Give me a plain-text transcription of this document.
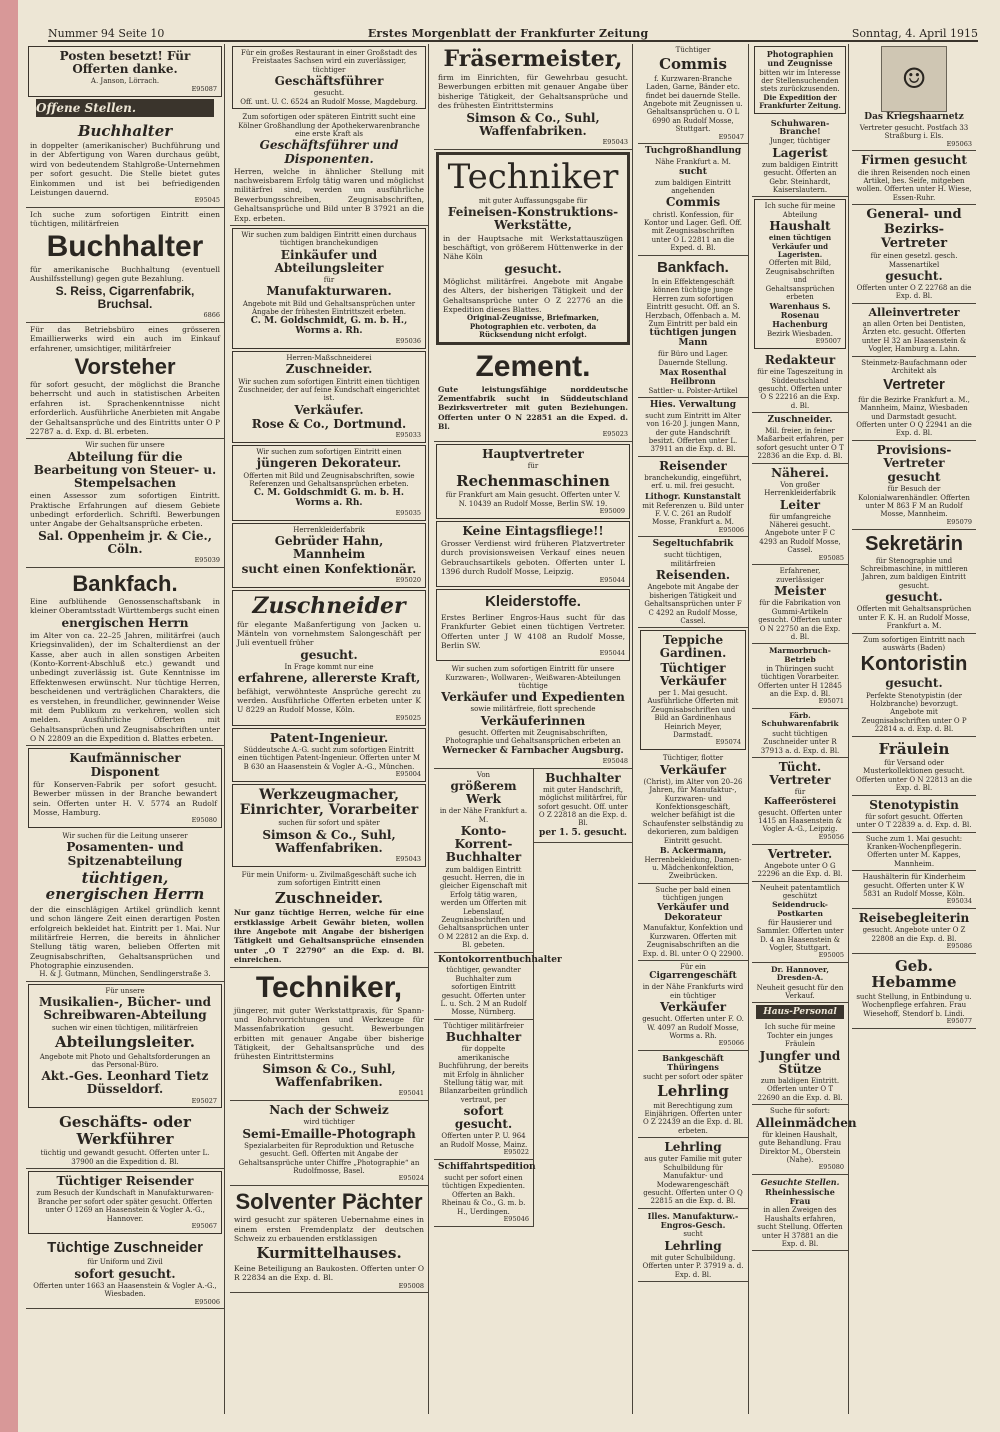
Nummer 94 Seite 10	Erstes Morgenblatt der Frankfurter Zeitung	Sonntag, 4. April 1915
Posten besetzt! Für Offerten danke.
A. Janson, Lörrach.
E95087
Offene Stellen.
Buchhalter
in doppelter (amerikanischer) Buchführung und in der Abfertigung von Waren durchaus geübt, wird von bedeutendem Stahlgroße-Unternehmen per sofort gesucht. Die Stelle bietet gutes Einkommen und ist bei befriedigenden Leistungen dauernd.
E95045
Ich suche zum sofortigen Eintritt einen tüchtigen, militärfreien
Buchhalter
für amerikanische Buchhaltung (eventuell Aushilfsstellung) gegen gute Bezahlung.
S. Reiss, Cigarrenfabrik, Bruchsal.
6866
Für das Betriebsbüro eines grösseren Emaillierwerks wird ein auch im Einkauf erfahrener, umsichtiger, militärfreier
Vorsteher
für sofort gesucht, der möglichst die Branche beherrscht und auch in statistischen Arbeiten erfahren ist. Sprachenkenntnisse nicht erforderlich. Ausführliche Anerbieten mit Angabe der Gehaltsansprüche und des Eintritts unter O P 22787 a. d. Exp. d. Bl. erbeten.
Wir suchen für unsere
Abteilung für die Bearbeitung von Steuer- u. Stempelsachen
einen Assessor zum sofortigen Eintritt. Praktische Erfahrungen auf diesem Gebiete unbedingt erforderlich. Schriftl. Bewerbungen unter Angabe der Gehaltsansprüche erbeten.
Sal. Oppenheim jr. & Cie., Cöln.
E95039
Bankfach.
Eine aufblühende Genossenschaftsbank in kleiner Oberamtsstadt Württembergs sucht einen
energischen Herrn
im Alter von ca. 22–25 Jahren, militärfrei (auch Kriegsinvaliden), der im Schalterdienst an der Kasse, aber auch in allen sonstigen Arbeiten (Konto-Korrent-Abschluß etc.) gewandt und unbedingt zuverlässig ist. Gute Kenntnisse im Effektenwesen erwünscht. Nur tüchtige Herren, bescheidenen und verträglichen Charakters, die es verstehen, in freundlicher, gewinnender Weise mit dem Publikum zu verkehren, wollen sich melden. Ausführliche Offerten mit Gehaltsansprüchen und Zeugnisabschriften unter O N 22809 an die Expedition d. Blattes erbeten.
Kaufmännischer Disponent
für Konserven-Fabrik per sofort gesucht. Bewerber müssen in der Branche bewandert sein. Offerten unter H. V. 5774 an Rudolf Mosse, Hamburg.
E95080
Wir suchen für die Leitung unserer
Posamenten- und Spitzenabteilung
tüchtigen, energischen Herrn
der die einschlägigen Artikel gründlich kennt und schon längere Zeit einen derartigen Posten erfolgreich bekleidet hat. Eintritt per 1. Mai. Nur militärfreie Herren, die bereits in ähnlicher Stellung tätig waren, belieben Offerten mit Zeugnisabschriften, Gehaltsansprüchen und Photographie einzusenden.
H. & J. Gutmann, München, Sendlingerstraße 3.
Für unsere
Musikalien-, Bücher- und Schreibwaren-Abteilung
suchen wir einen tüchtigen, militärfreien
Abteilungsleiter.
Angebote mit Photo und Gehaltsforderungen an das Personal-Büro.
Akt.-Ges. Leonhard Tietz Düsseldorf.
E95027
Geschäfts- oder Werkführer
tüchtig und gewandt gesucht. Offerten unter L. 37900 an die Expedition d. Bl.
Tüchtiger Reisender
zum Besuch der Kundschaft in Manufakturwaren-Branche per sofort oder später gesucht. Offerten unter O 1269 an Haasenstein & Vogler A.-G., Hannover.
E95067
Tüchtige Zuschneider
für Uniform und Zivil
sofort gesucht.
Offerten unter 1663 an Haasenstein & Vogler A.-G., Wiesbaden.
E95006
Für ein großes Restaurant in einer Großstadt des Freistaates Sachsen wird ein zuverlässiger, tüchtiger
Geschäftsführer
gesucht.
Off. unt. U. C. 6524 an Rudolf Mosse, Magdeburg.
Zum sofortigen oder späteren Eintritt sucht eine Kölner Großhandlung der Apothekerwarenbranche eine erste Kraft als
Geschäftsführer und Disponenten.
Herren, welche in ähnlicher Stellung mit nachweisbarem Erfolg tätig waren und möglichst militärfrei sind, werden um ausführliche Bewerbungsschreiben, Zeugnisabschriften, Gehaltsansprüche und Bild unter B 37921 an die Exp. erbeten.
Wir suchen zum baldigen Eintritt einen durchaus tüchtigen branchekundigen
Einkäufer und Abteilungsleiter
für
Manufakturwaren.
Angebote mit Bild und Gehaltsansprüchen unter Angabe der frühesten Eintrittszeit erbeten.
C. M. Goldschmidt, G. m. b. H., Worms a. Rh.
E95036
Herren-Maßschneiderei
Zuschneider.
Wir suchen zum sofortigen Eintritt einen tüchtigen Zuschneider, der auf feine Kundschaft eingerichtet ist.
Verkäufer.
Rose & Co., Dortmund.
E95033
Wir suchen zum sofortigen Eintritt einen
jüngeren Dekorateur.
Offerten mit Bild und Zeugnisabschriften, sowie Referenzen und Gehaltsansprüchen erbeten.
C. M. Goldschmidt G. m. b. H. Worms a. Rh.
E95035
Herrenkleiderfabrik
Gebrüder Hahn, Mannheim
sucht einen Konfektionär.
E95020
Zuschneider
für elegante Maßanfertigung von Jacken u. Mänteln von vornehmstem Salongeschäft per Juli eventuell früher
gesucht.
In Frage kommt nur eine
erfahrene, allererste Kraft,
befähigt, verwöhnteste Ansprüche gerecht zu werden. Ausführliche Offerten erbeten unter K U 8229 an Rudolf Mosse, Köln.
E95025
Patent-Ingenieur.
Süddeutsche A.-G. sucht zum sofortigen Eintritt einen tüchtigen Patent-Ingenieur. Offerten unter M B 630 an Haasenstein & Vogler A.-G., München.
E95004
Werkzeugmacher, Einrichter, Vorarbeiter
suchen für sofort und später
Simson & Co., Suhl, Waffenfabriken.
E95043
Für mein Uniform- u. Zivilmaßgeschäft suche ich zum sofortigen Eintritt einen
Zuschneider.
Nur ganz tüchtige Herren, welche für eine erstklassige Arbeit Gewähr bieten, wollen ihre Angebote mit Angabe der bisherigen Tätigkeit und Gehaltsansprüche einsenden unter „O T 22790“ an die Exp. d. Bl. einreichen.
Techniker,
jüngerer, mit guter Werkstattpraxis, für Spann- und Bohrvorrichtungen und Werkzeuge für Massenfabrikation gesucht. Bewerbungen erbitten mit genauer Angabe über bisherige Tätigkeit, der Gehaltsansprüche und des frühesten Eintrittstermins
Simson & Co., Suhl, Waffenfabriken.
E95041
Nach der Schweiz
wird tüchtiger
Semi-Emaille-Photograph
Spezialarbeiten für Reproduktion und Retusche gesucht. Gefl. Offerten mit Angabe der Gehaltsansprüche unter Chiffre „Photographie“ an Rudolfmosse, Basel.
E95024
Solventer Pächter
wird gesucht zur späteren Uebernahme eines in einem ersten Fremdenplatz der deutschen Schweiz zu erbauenden erstklassigen
Kurmittelhauses.
Keine Beteiligung an Baukosten. Offerten unter O R 22834 an die Exp. d. Bl.
E95008
Fräsermeister,
firm im Einrichten, für Gewehrbau gesucht. Bewerbungen erbitten mit genauer Angabe über bisherige Tätigkeit, der Gehaltsansprüche und des frühesten Eintrittstermins
Simson & Co., Suhl, Waffenfabriken.
E95043
Techniker
mit guter Auffassungsgabe für
Feineisen-Konstruktions-Werkstätte,
in der Hauptsache mit Werkstattauszügen beschäftigt, von größerem Hüttenwerke in der Nähe Köln
gesucht.
Möglichst militärfrei. Angebote mit Angabe des Alters, der bisherigen Tätigkeit und der Gehaltsansprüche unter O Z 22776 an die Expedition dieses Blattes.
Original-Zeugnisse, Briefmarken, Photographien etc. verboten, da Rücksendung nicht erfolgt.
Zement.
Gute leistungsfähige norddeutsche Zementfabrik sucht in Süddeutschland Bezirksvertreter mit guten Beziehungen. Offerten unter O N 22851 an die Exped. d. Bl.
E95023
Hauptvertreter
für
Rechenmaschinen
für Frankfurt am Main gesucht. Offerten unter V. N. 10439 an Rudolf Mosse, Berlin SW. 19.
E95009
Keine Eintagsfliege!!
Grosser Verdienst wird früheren Platzvertreter durch provisionsweisen Verkauf eines neuen Gebrauchsartikels geboten. Offerten unter L 1396 durch Rudolf Mosse, Leipzig.
E95044
Kleiderstoffe.
Erstes Berliner Engros-Haus sucht für das Frankfurter Gebiet einen tüchtigen Vertreter. Offerten unter J W 4108 an Rudolf Mosse, Berlin SW.
E95044
Wir suchen zum sofortigen Eintritt für unsere Kurzwaren-, Wollwaren-, Weißwaren-Abteilungen tüchtige
Verkäufer und Expedienten
sowie militärfreie, flott sprechende
Verkäuferinnen
gesucht. Offerten mit Zeugnisabschriften, Photographie und Gehaltsansprüchen erbeten an
Wernecker & Farnbacher Augsburg.
E95048
Von
größerem Werk
in der Nähe Frankfurt a. M.
Konto-Korrent-Buchhalter
zum baldigen Eintritt gesucht. Herren, die in gleicher Eigenschaft mit Erfolg tätig waren, werden um Offerten mit Lebenslauf, Zeugnisabschriften und Gehaltsansprüchen unter O M 22812 an die Exp. d. Bl. gebeten.
Kontokorrentbuchhalter
tüchtiger, gewandter Buchhalter zum sofortigen Eintritt gesucht. Offerten unter L. u. Sch. 2 M an Rudolf Mosse, Nürnberg.
Tüchtiger militärfreier
Buchhalter
für doppelte amerikanische Buchführung, der bereits mit Erfolg in ähnlicher Stellung tätig war, mit Bilanzarbeiten gründlich vertraut, per
sofort gesucht.
Offerten unter P. U. 964 an Rudolf Mosse, Mainz.
E95022
Schiffahrtspedition
sucht per sofort einen tüchtigen Expedienten. Offerten an Bakh. Rheinau & Co., G. m. b. H., Uerdingen.
E95046
Buchhalter
mit guter Handschrift, möglichst militärfrei, für sofort gesucht. Off. unter O Z 22818 an die Exp. d. Bl.
per 1. 5. gesucht.
Tüchtiger
Commis
f. Kurzwaren-Branche Laden, Garne, Bänder etc. findet bei dauernde Stelle. Angebote mit Zeugnissen u. Gehaltsansprüchen u. O L 6990 an Rudolf Mosse, Stuttgart.
E95047
Tuchgroßhandlung
Nähe Frankfurt a. M.
sucht
zum baldigen Eintritt angehenden
Commis
christl. Konfession, für Kontor und Lager. Gefl. Off. mit Zeugnisabschriften unter O L 22811 an die Exped. d. Bl.
Bankfach.
In ein Effektengeschäft können tüchtige junge Herren zum sofortigen Eintritt gesucht. Off. an S. Herzbach, Offenbach a. M.
Zum Eintritt per bald ein
tüchtigen jungen Mann
für Büro und Lager. Dauernde Stellung.
Max Rosenthal Heilbronn
Sattler- u. Polster-Artikel
Hies. Verwaltung
sucht zum Eintritt im Alter von 16-20 J. jungen Mann, der gute Handschrift besitzt. Offerten unter L. 37911 an die Exp. d. Bl.
Reisender
branchekundig, eingeführt, erf. u. mil. frei gesucht.
Lithogr. Kunstanstalt
mit Referenzen u. Bild unter F. V. C. 261 an Rudolf Mosse, Frankfurt a. M.
E95006
Segeltuchfabrik
sucht tüchtigen, militärfreien
Reisenden.
Angebote mit Angabe der bisherigen Tätigkeit und Gehaltsansprüchen unter F C 4292 an Rudolf Mosse, Cassel.
Teppiche Gardinen.
Tüchtiger Verkäufer
per 1. Mai gesucht. Ausführliche Offerten mit Zeugnisabschriften und Bild an Gardinenhaus Heinrich Meyer, Darmstadt.
E95074
Tüchtiger, flotter
Verkäufer
(Christ), im Alter von 20–26 Jahren, für Manufaktur-, Kurzwaren- und Konfektionsgeschäft, welcher befähigt ist die Schaufenster selbständig zu dekorieren, zum baldigen Eintritt gesucht.
B. Ackermann,
Herrenbekleidung, Damen- u. Mädchenkonfektion, Zweibrücken.
Suche per bald einen tüchtigen jungen
Verkäufer und Dekorateur
Manufaktur, Konfektion und Kurzwaren. Offerten mit Zeugnisabschriften an die Exp. d. Bl. unter O Q 22900.
Für ein
Cigarrengeschäft
in der Nähe Frankfurts wird ein tüchtiger
Verkäufer
gesucht. Offerten unter F. O. W. 4097 an Rudolf Mosse, Worms a. Rh.
E95066
Bankgeschäft Thüringens
sucht per sofort oder später
Lehrling
mit Berechtigung zum Einjährigen. Offerten unter O Z 22439 an die Exp. d. Bl. erbeten.
Lehrling
aus guter Familie mit guter Schulbildung für Manufaktur- und Modewarengeschäft gesucht. Offerten unter O Q 22815 an die Exp. d. Bl.
Illes. Manufakturw.- Engros-Gesch.
sucht
Lehrling
mit guter Schulbildung. Offerten unter P. 37919 a. d. Exp. d. Bl.
Photographien und Zeugnisse
bitten wir im Interesse der Stellensuchenden stets zurückzusenden.
Die Expedition der Frankfurter Zeitung.
Schuhwaren-Branche!
Junger, tüchtiger
Lagerist
zum baldigen Eintritt gesucht. Offerten an Gebr. Steinhardt, Kaiserslautern.
Ich suche für meine Abteilung
Haushalt
einen tüchtigen Verkäufer und Lageristen.
Offerten mit Bild, Zeugnisabschriften und Gehaltsansprüchen erbeten
Warenhaus S. Rosenau Hachenburg
Bezirk Wiesbaden.
E95007
Redakteur
für eine Tageszeitung in Süddeutschland gesucht. Offerten unter O S 22216 an die Exp. d. Bl.
Zuschneider.
Mil. freier, in feiner Maßarbeit erfahren, per sofort gesucht unter O T 22836 an die Exp. d. Bl.
Näherei.
Von großer Herrenkleiderfabrik
Leiter
für umfangreiche Näherei gesucht. Angebote unter F C 4293 an Rudolf Mosse, Cassel.
E95085
Erfahrener, zuverlässiger
Meister
für die Fabrikation von Gummi-Artikeln gesucht. Offerten unter O N 22750 an die Exp. d. Bl.
Marmorbruch-Betrieb
in Thüringen sucht tüchtigen Vorarbeiter. Offerten unter H 12845 an die Exp. d. Bl.
E95071
Färb. Schuhwarenfabrik
sucht tüchtigen Zuschneider unter R 37913 a. d. Exp. d. Bl.
Tücht. Vertreter
für
Kaffeerösterei
gesucht. Offerten unter 1415 an Haasenstein & Vogler A.-G., Leipzig.
E95056
Vertreter.
Angebote unter O G 22296 an die Exp. d. Bl.
Neuheit patentamtlich geschützt
Seidendruck-Postkarten
für Hausierer und Sammler. Offerten unter D. 4 an Haasenstein & Vogler, Stuttgart.
E95005
Dr. Hannover, Dresden-A.
Neuheit gesucht für den Verkauf.
Haus-Personal
Ich suche für meine Tochter ein junges Fräulein
Jungfer und Stütze
zum baldigen Eintritt. Offerten unter O T 22690 an die Exp. d. Bl.
Suche für sofort:
Alleinmädchen
für kleinen Haushalt, gute Behandlung. Frau Direktor M., Oberstein (Nahe).
E95080
Gesuchte Stellen.
Rheinhessische Frau
in allen Zweigen des Haushalts erfahren, sucht Stellung. Offerten unter H 37881 an die Exp. d. Bl.
☺
Das Kriegshaarnetz
Vertreter gesucht. Postfach 33 Straßburg i. Els.
E95063
Firmen gesucht
die ihren Reisenden noch einen Artikel, bes. Seife, mitgeben wollen. Offerten unter H. Wiese, Essen-Ruhr.
General- und Bezirks-Vertreter
für einen gesetzl. gesch. Massenartikel
gesucht.
Offerten unter O Z 22768 an die Exp. d. Bl.
Alleinvertreter
an allen Orten bei Dentisten, Ärzten etc. gesucht. Offerten unter H 32 an Haasenstein & Vogler, Hamburg a. Lahn.
Steinmetz-Baufachmann oder Architekt als
Vertreter
für die Bezirke Frankfurt a. M., Mannheim, Mainz, Wiesbaden und Darmstadt gesucht. Offerten unter O Q 22941 an die Exp. d. Bl.
Provisions-Vertreter
gesucht
für Besuch der Kolonialwarenhändler. Offerten unter M 863 F M an Rudolf Mosse, Mannheim.
E95079
Sekretärin
für Stenographie und Schreibmaschine, in mittleren Jahren, zum baldigen Eintritt gesucht.
gesucht.
Offerten mit Gehaltsansprüchen unter F. K. H. an Rudolf Mosse, Frankfurt a. M.
Zum sofortigen Eintritt nach auswärts (Baden)
Kontoristin
gesucht.
Perfekte Stenotypistin (der Holzbranche) bevorzugt. Angebote mit Zeugnisabschriften unter O P 22814 a. d. Exp. d. Bl.
Fräulein
für Versand oder Musterkollektionen gesucht. Offerten unter O N 22813 an die Exp. d. Bl.
Stenotypistin
für sofort gesucht. Offerten unter O T 22839 a. d. Exp. d. Bl.
Suche zum 1. Mai gesucht: Kranken-Wochenpflegerin. Offerten unter M. Kappes, Mannheim.
Haushälterin für Kinderheim gesucht. Offerten unter K W 5831 an Rudolf Mosse, Köln.
E95034
Reisebegleiterin
gesucht. Angebote unter O Z 22808 an die Exp. d. Bl.
E95086
Geb. Hebamme
sucht Stellung, in Entbindung u. Wochenpflege erfahren. Frau Wiesehoff, Stendorf b. Lindi.
E95077
